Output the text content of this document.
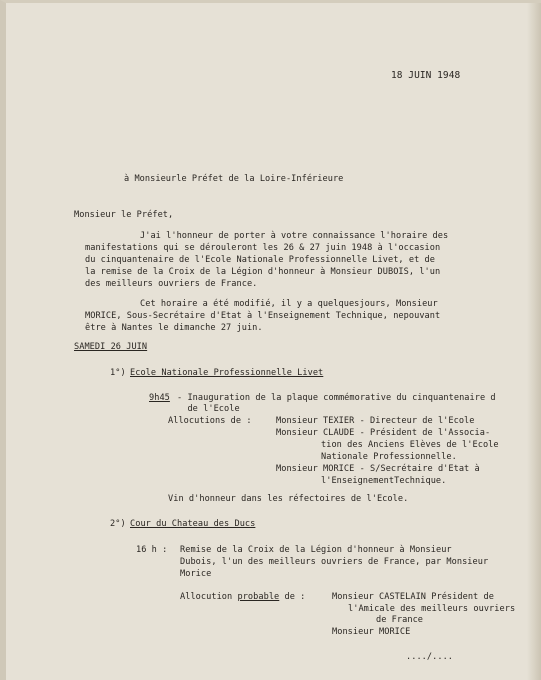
18 JUIN 1948
à Monsieurle Préfet de la Loire-Inférieure
Monsieur le Préfet,
J'ai l'honneur de porter à votre connaissance l'horaire des
manifestations qui se dérouleront les 26 & 27 juin 1948 à l'occasion
du cinquantenaire de l'Ecole Nationale Professionnelle Livet, et de
la remise de la Croix de la Légion d'honneur à Monsieur DUBOIS, l'un
des meilleurs ouvriers de France.
Cet horaire a été modifié, il y a quelquesjours, Monsieur
MORICE, Sous-Secrétaire d'Etat à l'Enseignement Technique, nepouvant
être à Nantes le dimanche 27 juin.
SAMEDI 26 JUIN
1°) Ecole Nationale Professionnelle Livet
9h45 - Inauguration de la plaque commémorative du cinquantenaire d
de l'Ecole
Allocutions de :	Monsieur TEXIER - Directeur de l'Ecole
Monsieur CLAUDE - Président de l'Associa-
tion des Anciens Elèves de l'Ecole
Nationale Professionnelle.
Monsieur MORICE - S/Secrétaire d'Etat à
l'EnseignementTechnique.
Vin d'honneur dans les réfectoires de l'Ecole.
2°) Cour du Chateau des Ducs
16 h : Remise de la Croix de la Légion d'honneur à Monsieur
Dubois, l'un des meilleurs ouvriers de France, par Monsieur
Morice
Allocution probable de :	Monsieur CASTELAIN Président de
l'Amicale des meilleurs ouvriers
de France
Monsieur MORICE
..../....
